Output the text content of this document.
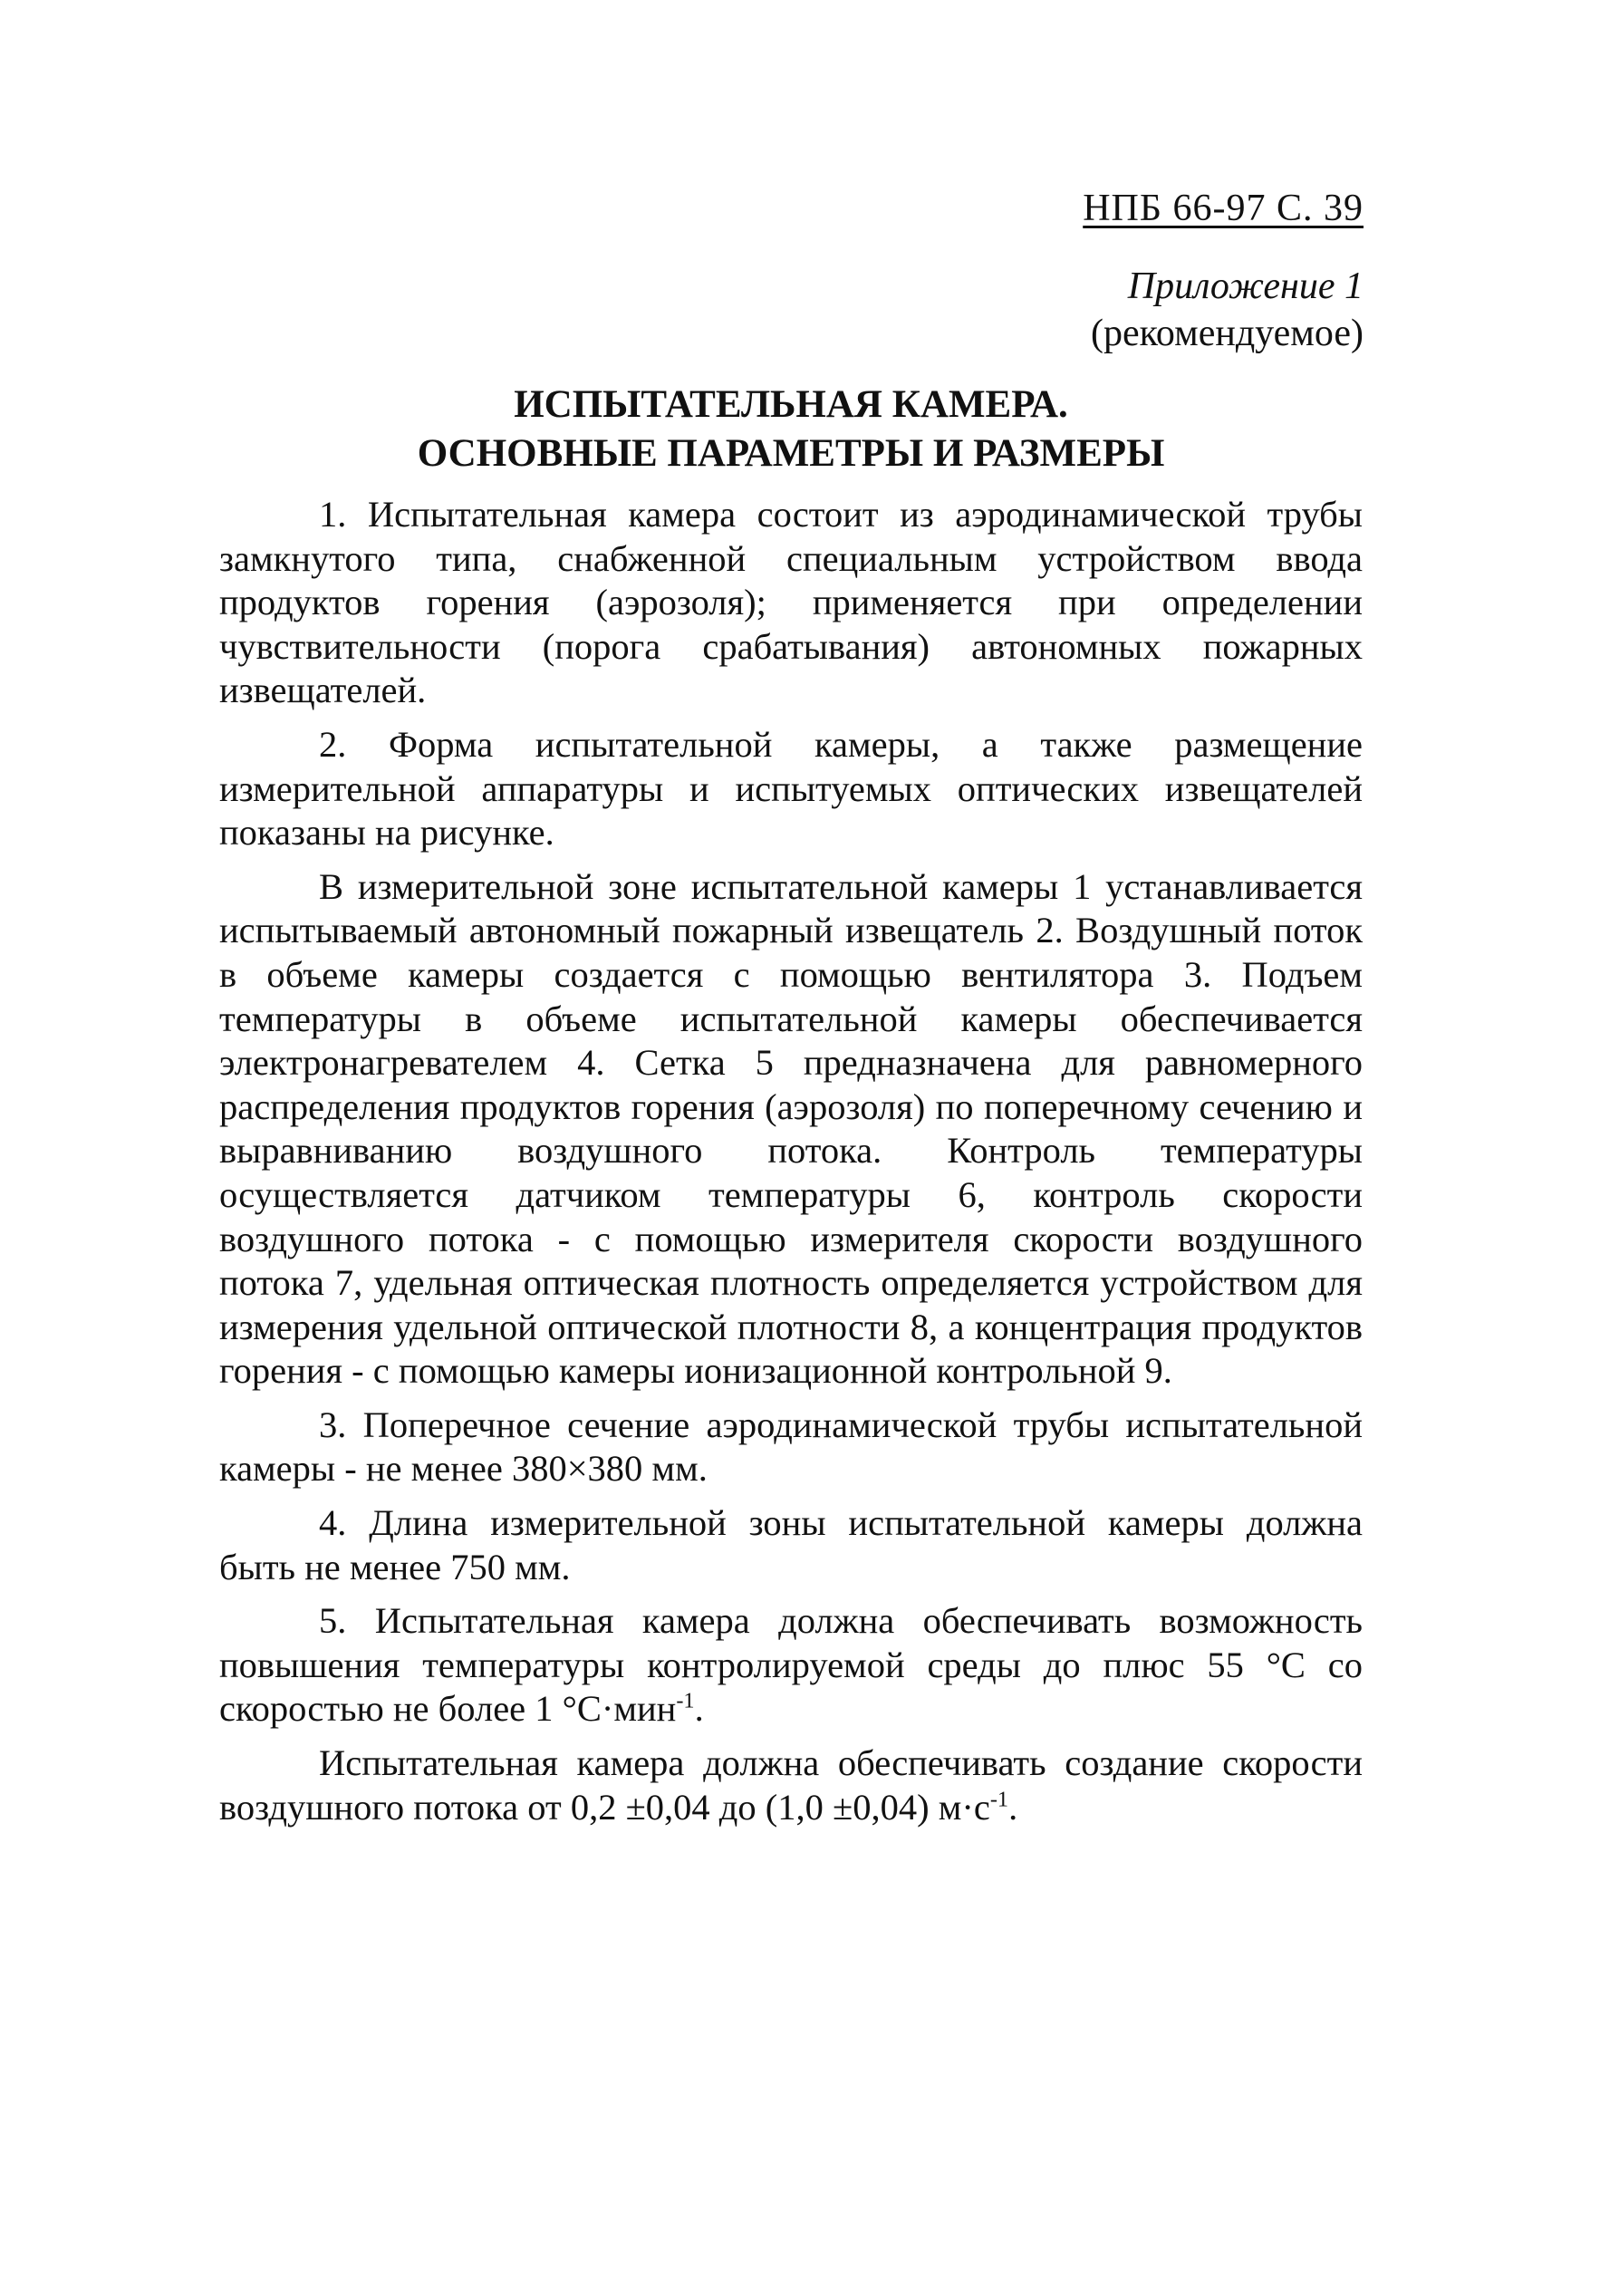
НПБ 66-97 С. 39
Приложение 1
(рекомендуемое)
ИСПЫТАТЕЛЬНАЯ КАМЕРА.
ОСНОВНЫЕ ПАРАМЕТРЫ И РАЗМЕРЫ

1. Испытательная камера состоит из аэродинамической трубы замкнутого типа, снабженной специальным устройством ввода продуктов горения (аэрозоля); применяется при определении чувствительности (порога срабатывания) автономных пожарных извещателей.

2. Форма испытательной камеры, а также размещение измерительной аппаратуры и испытуемых оптических извещателей показаны на рисунке.

В измерительной зоне испытательной камеры 1 устанавливается испытываемый автономный пожарный извещатель 2. Воздушный поток в объеме камеры создается с помощью вентилятора 3. Подъем температуры в объеме испытательной камеры обеспечивается электронагревателем 4. Сетка 5 предназначена для равномерного распределения продуктов горения (аэрозоля) по поперечному сечению и выравниванию воздушного потока. Контроль температуры осуществляется датчиком температуры 6, контроль скорости воздушного потока - с помощью измерителя скорости воздушного потока 7, удельная оптическая плотность определяется устройством для измерения удельной оптической плотности 8, а концентрация продуктов горения - с помощью камеры ионизационной контрольной 9.

3. Поперечное сечение аэродинамической трубы испытательной камеры - не менее 380×380 мм.

4. Длина измерительной зоны испытательной камеры должна быть не менее 750 мм.

5. Испытательная камера должна обеспечивать возможность повышения температуры контролируемой среды до плюс 55 °С со скоростью не более 1 °С·мин$^{-1}$.

Испытательная камера должна обеспечивать создание скорости воздушного потока от 0,2 ±0,04 до (1,0 ±0,04) $м\cdot с^{-1}$.
